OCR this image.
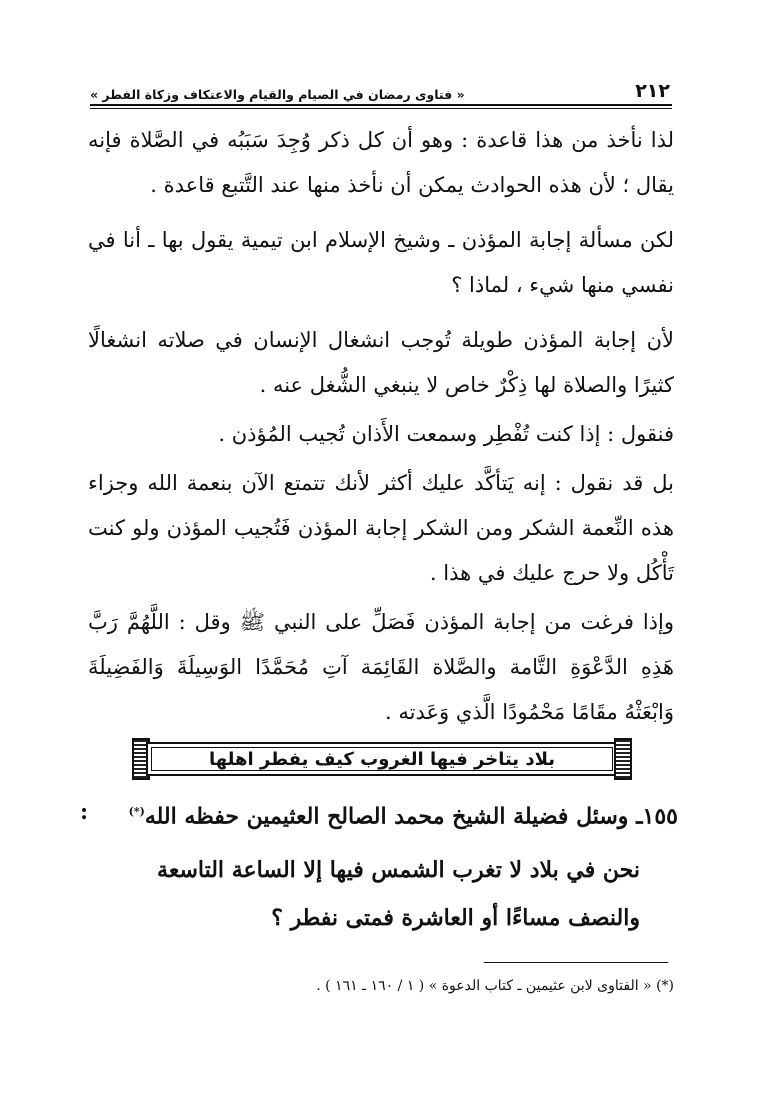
٢١٢
« فتاوى رمضان في الصيام والقيام والاعتكاف وزكاة الفطر »

لذا نأخذ من هذا قاعدة : وهو أن كل ذكر وُجِدَ سَبَبُه في الصَّلاة فإنه يقال ؛ لأن هذه الحوادث يمكن أن نأخذ منها عند التَّتبع قاعدة .

لكن مسألة إجابة المؤذن ـ وشيخ الإسلام ابن تيمية يقول بها ـ أنا في نفسي منها شيء ، لماذا ؟

لأن إجابة المؤذن طويلة تُوجب انشغال الإنسان في صلاته انشغالًا كثيرًا والصلاة لها ذِكْرٌ خاص لا ينبغي الشُّغل عنه .

فنقول : إذا كنت تُفْطِر وسمعت الأَذان تُجيب المُؤذن .

بل قد نقول : إنه يَتأكَّد عليك أكثر لأنك تتمتع الآن بنعمة الله وجزاء هذه النِّعمة الشكر ومن الشكر إجابة المؤذن فَتُجيب المؤذن ولو كنت تَأْكُل ولا حرج عليك في هذا .

وإذا فرغت من إجابة المؤذن فَصَلِّ على النبي ﷺ وقل : اللَّهُمَّ رَبَّ هَذِهِ الدَّعْوَةِ التَّامة والصَّلاة القَائِمَة آتِ مُحَمَّدًا الوَسِيلَةَ وَالفَضِيلَةَ وَابْعَثْهُ مقَامًا مَحْمُودًا الَّذي وَعَدته .

بلاد يتاخر فيها الغروب كيف يفطر اهلها
١٥٥ـ وسئل فضيلة الشيخ محمد الصالح العثيمين حفظه الله(*)
:
نحن في بلاد لا تغرب الشمس فيها إلا الساعة التاسعة والنصف مساءًا أو العاشرة فمتى نفطر ؟
(*) « الفتاوى لابن عثيمين ـ كتاب الدعوة » ( ١ / ١٦٠ ـ ١٦١ ) .
